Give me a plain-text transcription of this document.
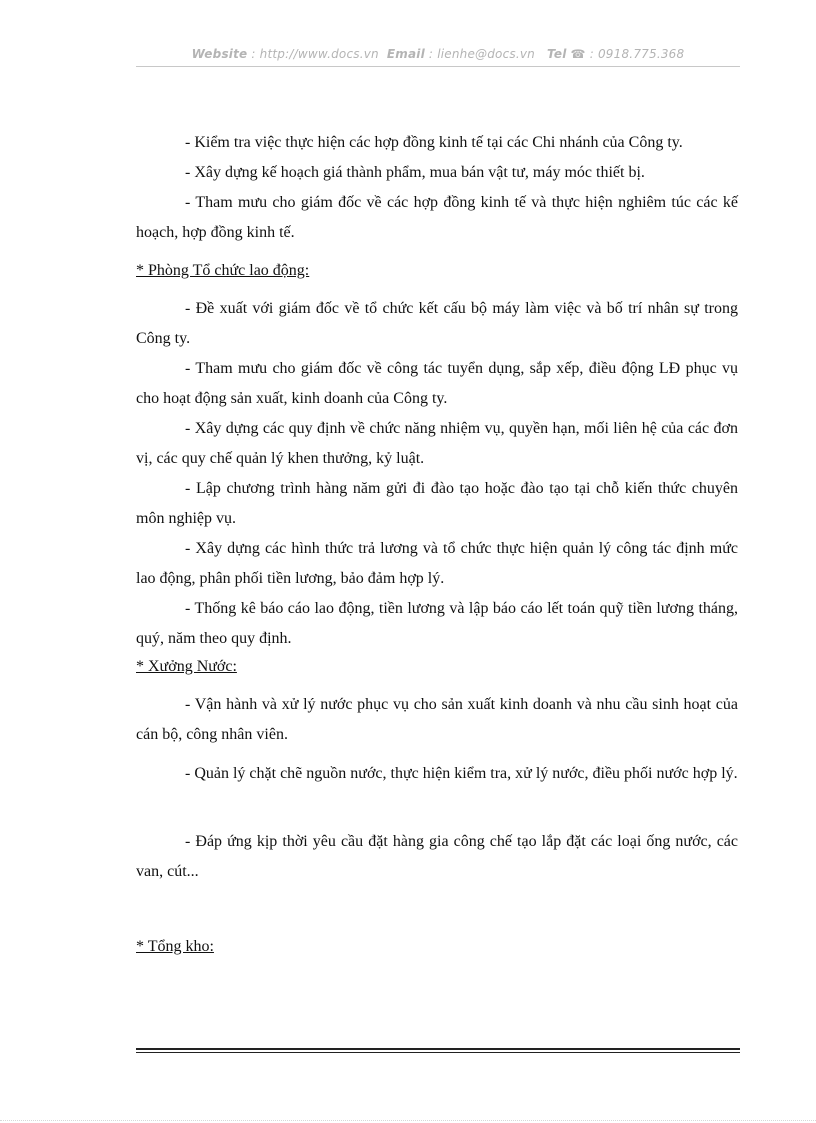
Website : http://www.docs.vn Email : lienhe@docs.vn Tel ☎ : 0918.775.368

- Kiểm tra việc thực hiện các hợp đồng kinh tế tại các Chi nhánh của Công ty.

- Xây dựng kế hoạch giá thành phẩm, mua bán vật tư, máy móc thiết bị.

- Tham mưu cho giám đốc về các hợp đồng kinh tế và thực hiện nghiêm túc các kế hoạch, hợp đồng kinh tế.

* Phòng Tổ chức lao động:

- Đề xuất với giám đốc về tổ chức kết cấu bộ máy làm việc và bố trí nhân sự trong Công ty.

- Tham mưu cho giám đốc về công tác tuyển dụng, sắp xếp, điều động LĐ phục vụ cho hoạt động sản xuất, kinh doanh của Công ty.

- Xây dựng các quy định về chức năng nhiệm vụ, quyền hạn, mối liên hệ của các đơn vị, các quy chế quản lý khen thưởng, kỷ luật.

- Lập chương trình hàng năm gửi đi đào tạo hoặc đào tạo tại chỗ kiến thức chuyên môn nghiệp vụ.

- Xây dựng các hình thức trả lương và tổ chức thực hiện quản lý công tác định mức lao động, phân phối tiền lương, bảo đảm hợp lý.

- Thống kê báo cáo lao động, tiền lương và lập báo cáo lết toán quỹ tiền lương tháng, quý, năm theo quy định.

* Xưởng Nước:

- Vận hành và xử lý nước phục vụ cho sản xuất kinh doanh và nhu cầu sinh hoạt của cán bộ, công nhân viên.

- Quản lý chặt chẽ nguồn nước, thực hiện kiểm tra, xử lý nước, điều phối nước hợp lý.

- Đáp ứng kịp thời yêu cầu đặt hàng gia công chế tạo lắp đặt các loại ống nước, các van, cút...

* Tổng kho:
